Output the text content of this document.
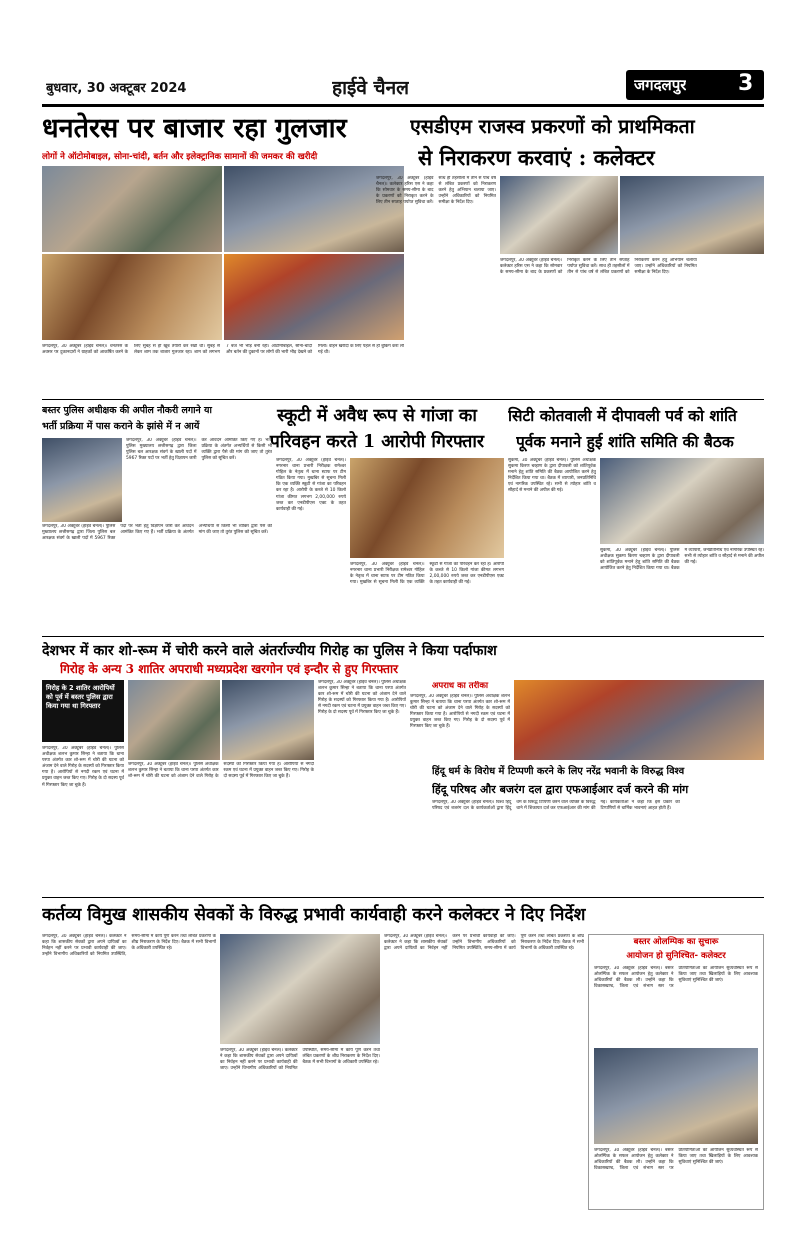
बुधवार, 30 अक्टूबर 2024	हाईवे चैनल	जगदलपुर 3
धनतेरस पर बाजार रहा गुलजार
लोगों ने ऑटोमोबाइल, सोना-चांदी, बर्तन और इलेक्ट्रानिक सामानों की जमकर की खरीदी
जगदलपुर, 30 अक्टूबर (हाईवे चैनल)। धनतेरस के अवसर पर दुकानदारों ने ग्राहकों को आकर्षित करने के लिए सुबह से ही खूब तैयारी कर रखी थी। सुबह से लेकर शाम तक बाजार गुलजार रहा। शाम को लगभग 7 बजे भी भीड़ बनी रही। ऑटोमोबाइल, सोना-चांदी और बर्तन की दुकानों पर लोगों की भारी भीड़ देखने को मिली। वाहन खरीदी के लिए पहले से ही बुकिंग करा ली गई थी।
एसडीएम राजस्व प्रकरणों को प्राथमिकता
से निराकरण करवाएं : कलेक्टर
जगदलपुर, 30 अक्टूबर (हाईवे चैनल)। कलेक्टर हरिस एस ने कहा कि सोमवार के समय-सीमा के बाद के प्रकरणों को निराकृत करने के लिए तीन सप्ताह पर्याप्त सुविधा करें। साथ ही तहसीलों में तीन से पांच वर्ष से लंबित प्रकरणों को निराकरण करने हेतु अभियान चलाया जाए। उन्होंने अधिकारियों को नियमित समीक्षा के निर्देश दिए।
जगदलपुर, 30 अक्टूबर (हाईवे चैनल)। कलेक्टर हरिस एस ने कहा कि सोमवार के समय-सीमा के बाद के प्रकरणों को निराकृत करने के लिए तीन सप्ताह पर्याप्त सुविधा करें। साथ ही तहसीलों में तीन से पांच वर्ष से लंबित प्रकरणों को निराकरण करने हेतु अभियान चलाया जाए। उन्होंने अधिकारियों को नियमित समीक्षा के निर्देश दिए।
बस्तर पुलिस अधीक्षक की अपील नौकरी लगाने या
भर्ती प्रक्रिया में पास कराने के झांसे में न आयें
जगदलपुर, 30 अक्टूबर (हाईवे चैनल)। पुलिस मुख्यालय छत्तीसगढ़ द्वारा जिला पुलिस बल आरक्षक संवर्ग के खाली पदों में 5967 रिक्त पदों पर भर्ती हेतु विज्ञापन जारी कर आवेदन आमंत्रित किए गए हैं। भर्ती प्रक्रिया के अंतर्गत अभ्यर्थियों से किसी भी व्यक्ति द्वारा पैसे की मांग की जाए तो तुरंत पुलिस को सूचित करें।
जगदलपुर, 30 अक्टूबर (हाईवे चैनल)। पुलिस मुख्यालय छत्तीसगढ़ द्वारा जिला पुलिस बल आरक्षक संवर्ग के खाली पदों में 5967 रिक्त पदों पर भर्ती हेतु विज्ञापन जारी कर आवेदन आमंत्रित किए गए हैं। भर्ती प्रक्रिया के अंतर्गत अभ्यर्थियों से किसी भी व्यक्ति द्वारा पैसे की मांग की जाए तो तुरंत पुलिस को सूचित करें।
स्कूटी में अवैध रूप से गांजा का
परिवहन करते 1 आरोपी गिरफ्तार
जगदलपुर, 30 अक्टूबर (हाईवे चैनल)। नगरनार थाना प्रभारी निरीक्षक रामेश्वर गोहिल के नेतृत्व में थाना स्टाफ पर टीम गठित किया गया। मुखबिर से सूचना मिली कि एक व्यक्ति स्कूटी से गांजा का परिवहन कर रहा है। आरोपी के कब्जे से 10 किलो गांजा कीमत लगभग 2,00,000 रुपये जब्त कर एनडीपीएस एक्ट के तहत कार्यवाही की गई।
जगदलपुर, 30 अक्टूबर (हाईवे चैनल)। नगरनार थाना प्रभारी निरीक्षक रामेश्वर गोहिल के नेतृत्व में थाना स्टाफ पर टीम गठित किया गया। मुखबिर से सूचना मिली कि एक व्यक्ति स्कूटी से गांजा का परिवहन कर रहा है। आरोपी के कब्जे से 10 किलो गांजा कीमत लगभग 2,00,000 रुपये जब्त कर एनडीपीएस एक्ट के तहत कार्यवाही की गई।
सिटी कोतवाली में दीपावली पर्व को शांति
पूर्वक मनाने हुई शांति समिति की बैठक
सुकमा, 30 अक्टूबर (हाईवे चैनल)। पुलिस अधीक्षक सुकमा किरण चव्हाण के द्वारा दीपावली को शांतिपूर्वक मनाने हेतु शांति समिति की बैठक आयोजित करने हेतु निर्देशित किया गया था। बैठक में व्यापारी, जनप्रतिनिधि एवं नागरिक उपस्थित रहे। सभी से त्योहार शांति व सौहार्द से मनाने की अपील की गई।
सुकमा, 30 अक्टूबर (हाईवे चैनल)। पुलिस अधीक्षक सुकमा किरण चव्हाण के द्वारा दीपावली को शांतिपूर्वक मनाने हेतु शांति समिति की बैठक आयोजित करने हेतु निर्देशित किया गया था। बैठक में व्यापारी, जनप्रतिनिधि एवं नागरिक उपस्थित रहे। सभी से त्योहार शांति व सौहार्द से मनाने की अपील की गई।
देशभर में कार शो-रूम में चोरी करने वाले अंतर्राज्यीय गिरोह का पुलिस ने किया पर्दाफाश
गिरोह के अन्य 3 शातिर अपराधी मध्यप्रदेश खरगोन एवं इन्दौर से हुए गिरफ्तार
गिरोह के 2 शातिर आरोपियों को पूर्व में बस्तर पुलिस द्वारा किया गया था गिरफ्तार
जगदलपुर, 30 अक्टूबर (हाईवे चैनल)। पुलिस अधीक्षक शलभ कुमार सिन्हा ने बताया कि थाना परपा अंतर्गत कार शो-रूम में चोरी की घटना को अंजाम देने वाले गिरोह के सदस्यों को गिरफ्तार किया गया है। आरोपियों से नगदी रकम एवं घटना में प्रयुक्त वाहन जब्त किए गए। गिरोह के दो सदस्य पूर्व में गिरफ्तार किए जा चुके हैं।
जगदलपुर, 30 अक्टूबर (हाईवे चैनल)। पुलिस अधीक्षक शलभ कुमार सिन्हा ने बताया कि थाना परपा अंतर्गत कार शो-रूम में चोरी की घटना को अंजाम देने वाले गिरोह के सदस्यों को गिरफ्तार किया गया है। आरोपियों से नगदी रकम एवं घटना में प्रयुक्त वाहन जब्त किए गए। गिरोह के दो सदस्य पूर्व में गिरफ्तार किए जा चुके हैं।
जगदलपुर, 30 अक्टूबर (हाईवे चैनल)। पुलिस अधीक्षक शलभ कुमार सिन्हा ने बताया कि थाना परपा अंतर्गत कार शो-रूम में चोरी की घटना को अंजाम देने वाले गिरोह के सदस्यों को गिरफ्तार किया गया है। आरोपियों से नगदी रकम एवं घटना में प्रयुक्त वाहन जब्त किए गए। गिरोह के दो सदस्य पूर्व में गिरफ्तार किए जा चुके हैं।
अपराध का तरीका
जगदलपुर, 30 अक्टूबर (हाईवे चैनल)। पुलिस अधीक्षक शलभ कुमार सिन्हा ने बताया कि थाना परपा अंतर्गत कार शो-रूम में चोरी की घटना को अंजाम देने वाले गिरोह के सदस्यों को गिरफ्तार किया गया है। आरोपियों से नगदी रकम एवं घटना में प्रयुक्त वाहन जब्त किए गए। गिरोह के दो सदस्य पूर्व में गिरफ्तार किए जा चुके हैं।
हिंदू धर्म के विरोध में टिप्पणी करने के लिए नरेंद्र भवानी के विरुद्ध विश्व
हिंदू परिषद और बजरंग दल द्वारा एफआईआर दर्ज करने की मांग
जगदलपुर, 30 अक्टूबर (हाईवे चैनल)। विश्व हिंदू परिषद एवं बजरंग दल के कार्यकर्ताओं द्वारा हिंदू धर्म के विरुद्ध टिप्पणी करने वाले व्यक्ति के विरुद्ध थाने में शिकायत दर्ज कर एफआईआर की मांग की गई। कार्यकर्ताओं ने कहा कि इस प्रकार की टिप्पणियों से धार्मिक भावनाएं आहत होती हैं।
कर्तव्य विमुख शासकीय सेवकों के विरुद्ध प्रभावी कार्यवाही करने कलेक्टर ने दिए निर्देश
जगदलपुर, 30 अक्टूबर (हाईवे चैनल)। कलेक्टर ने कहा कि शासकीय सेवकों द्वारा अपने दायित्वों का निर्वहन नहीं करने पर प्रभावी कार्यवाही की जाए। उन्होंने विभागीय अधिकारियों को नियमित उपस्थिति, समय-सीमा में कार्य पूर्ण करने तथा लंबित प्रकरणों के शीघ्र निराकरण के निर्देश दिए। बैठक में सभी विभागों के अधिकारी उपस्थित रहे।
जगदलपुर, 30 अक्टूबर (हाईवे चैनल)। कलेक्टर ने कहा कि शासकीय सेवकों द्वारा अपने दायित्वों का निर्वहन नहीं करने पर प्रभावी कार्यवाही की जाए। उन्होंने विभागीय अधिकारियों को नियमित उपस्थिति, समय-सीमा में कार्य पूर्ण करने तथा लंबित प्रकरणों के शीघ्र निराकरण के निर्देश दिए। बैठक में सभी विभागों के अधिकारी उपस्थित रहे।
जगदलपुर, 30 अक्टूबर (हाईवे चैनल)। कलेक्टर ने कहा कि शासकीय सेवकों द्वारा अपने दायित्वों का निर्वहन नहीं करने पर प्रभावी कार्यवाही की जाए। उन्होंने विभागीय अधिकारियों को नियमित उपस्थिति, समय-सीमा में कार्य पूर्ण करने तथा लंबित प्रकरणों के शीघ्र निराकरण के निर्देश दिए। बैठक में सभी विभागों के अधिकारी उपस्थित रहे।
बस्तर ओलम्पिक का सुचारू
आयोजन हो सुनिश्चित- कलेक्टर
जगदलपुर, 30 अक्टूबर (हाईवे चैनल)। बस्तर ओलम्पिक के सफल आयोजन हेतु कलेक्टर ने अधिकारियों की बैठक ली। उन्होंने कहा कि विकासखण्ड, जिला एवं संभाग स्तर पर प्रतियोगिताओं का आयोजन सुव्यवस्थित रूप से किया जाए तथा खिलाड़ियों के लिए आवश्यक सुविधाएं सुनिश्चित की जाएं।
जगदलपुर, 30 अक्टूबर (हाईवे चैनल)। बस्तर ओलम्पिक के सफल आयोजन हेतु कलेक्टर ने अधिकारियों की बैठक ली। उन्होंने कहा कि विकासखण्ड, जिला एवं संभाग स्तर पर प्रतियोगिताओं का आयोजन सुव्यवस्थित रूप से किया जाए तथा खिलाड़ियों के लिए आवश्यक सुविधाएं सुनिश्चित की जाएं।
